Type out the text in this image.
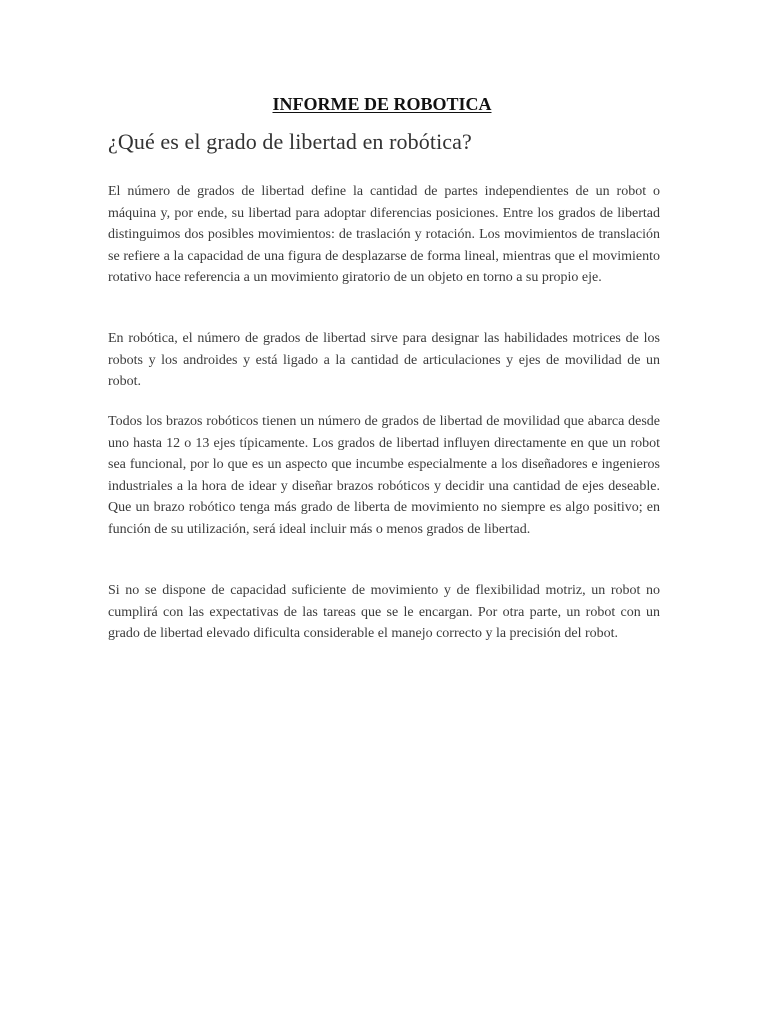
INFORME DE ROBOTICA
¿Qué es el grado de libertad en robótica?

El número de grados de libertad define la cantidad de partes independientes de un robot o máquina y, por ende, su libertad para adoptar diferencias posiciones. Entre los grados de libertad distinguimos dos posibles movimientos: de traslación y rotación. Los movimientos de translación se refiere a la capacidad de una figura de desplazarse de forma lineal, mientras que el movimiento rotativo hace referencia a un movimiento giratorio de un objeto en torno a su propio eje.

En robótica, el número de grados de libertad sirve para designar las habilidades motrices de los robots y los androides y está ligado a la cantidad de articulaciones y ejes de movilidad de un robot.

Todos los brazos robóticos tienen un número de grados de libertad de movilidad que abarca desde uno hasta 12 o 13 ejes típicamente. Los grados de libertad influyen directamente en que un robot sea funcional, por lo que es un aspecto que incumbe especialmente a los diseñadores e ingenieros industriales a la hora de idear y diseñar brazos robóticos y decidir una cantidad de ejes deseable. Que un brazo robótico tenga más grado de liberta de movimiento no siempre es algo positivo; en función de su utilización, será ideal incluir más o menos grados de libertad.

Si no se dispone de capacidad suficiente de movimiento y de flexibilidad motriz, un robot no cumplirá con las expectativas de las tareas que se le encargan. Por otra parte, un robot con un grado de libertad elevado dificulta considerable el manejo correcto y la precisión del robot.
